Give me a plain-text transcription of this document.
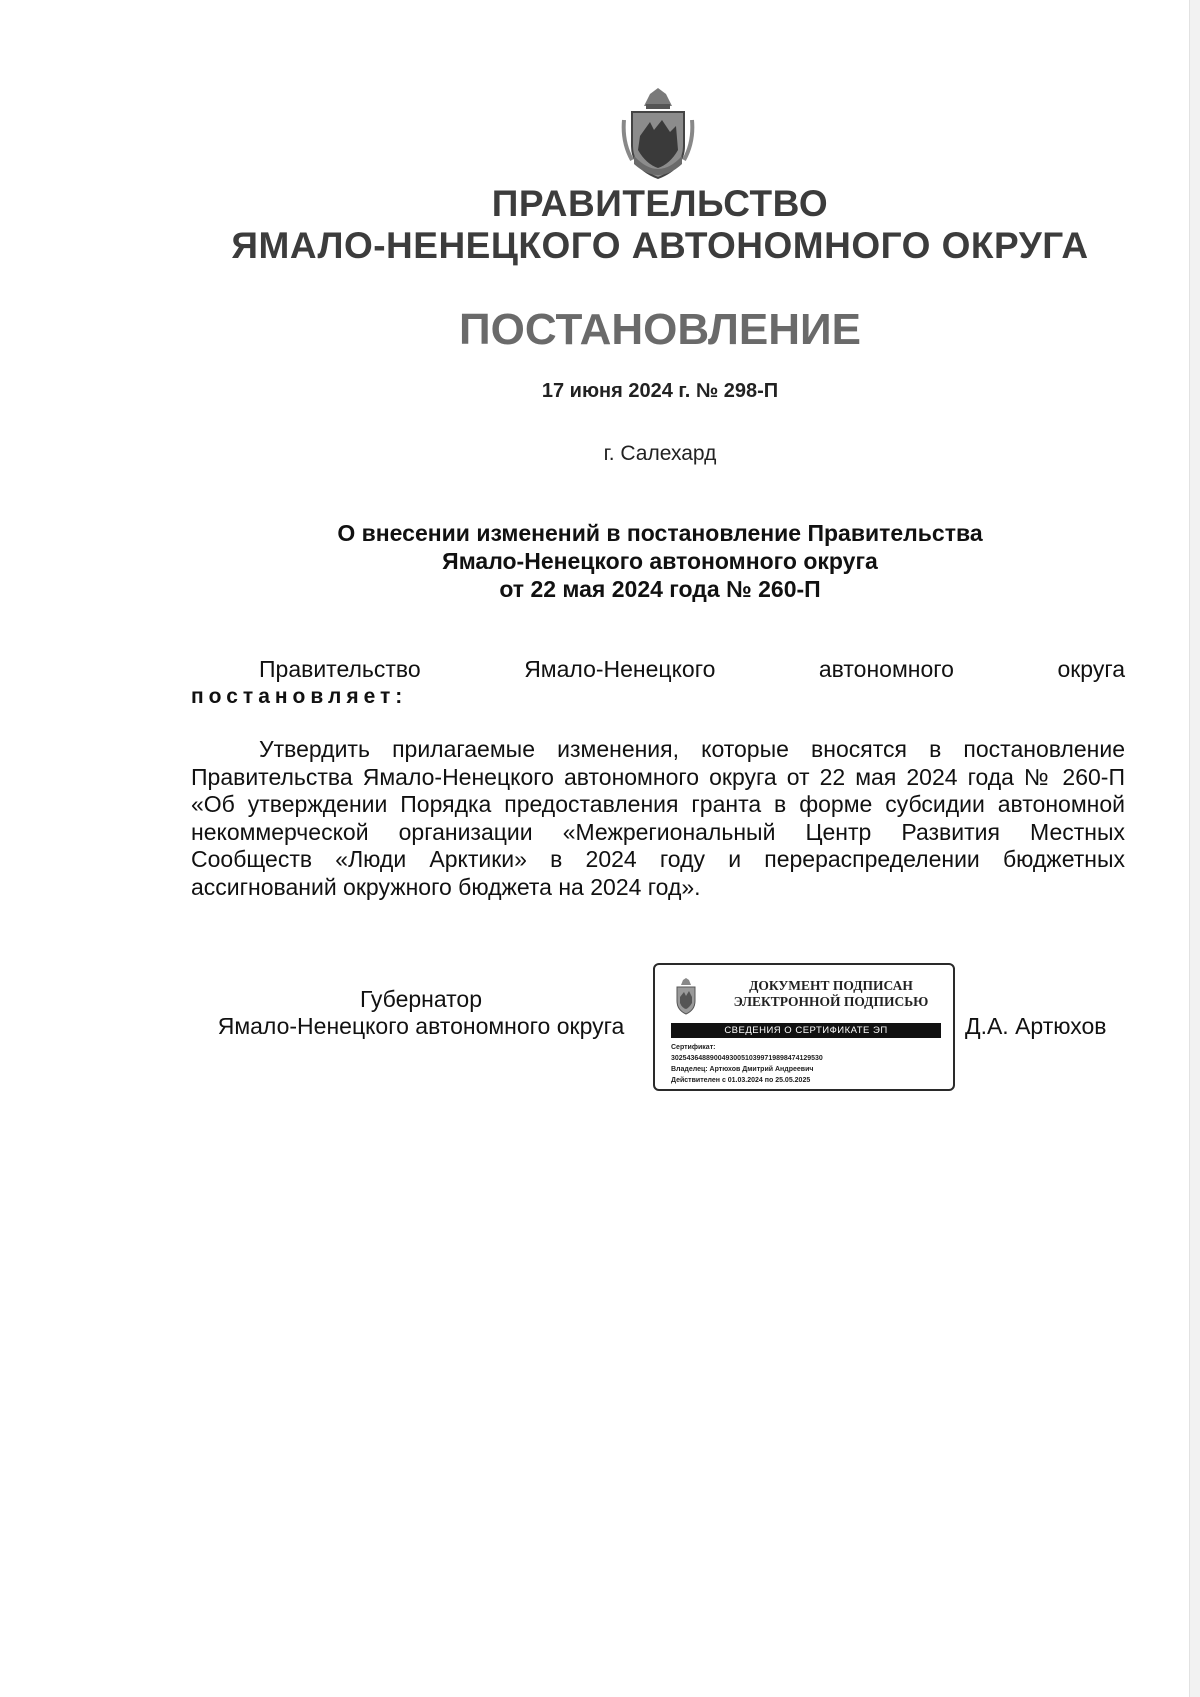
ПРАВИТЕЛЬСТВО
ЯМАЛО-НЕНЕЦКОГО АВТОНОМНОГО ОКРУГА
ПОСТАНОВЛЕНИЕ
17 июня 2024 г. № 298-П
г. Салехард
О внесении изменений в постановление Правительства
Ямало-Ненецкого автономного округа
от 22 мая 2024 года № 260-П
Правительство	Ямало-Ненецкого	автономного	округа
постановляет:

Утвердить прилагаемые изменения, которые вносятся в постановление Правительства Ямало-Ненецкого автономного округа от 22 мая 2024 года № 260-П «Об утверждении Порядка предоставления гранта в форме субсидии автономной некоммерческой организации «Межрегиональный Центр Развития Местных Сообществ «Люди Арктики» в 2024 году и перераспределении бюджетных ассигнований окружного бюджета на 2024 год».

Губернатор
Ямало-Ненецкого автономного округа
ДОКУМЕНТ ПОДПИСАН
ЭЛЕКТРОННОЙ ПОДПИСЬЮ
СВЕДЕНИЯ О СЕРТИФИКАТЕ ЭП
Сертификат:
302543648890049300510399719898474129530
Владелец: Артюхов Дмитрий Андреевич
Действителен с 01.03.2024 по 25.05.2025
Д.А. Артюхов
